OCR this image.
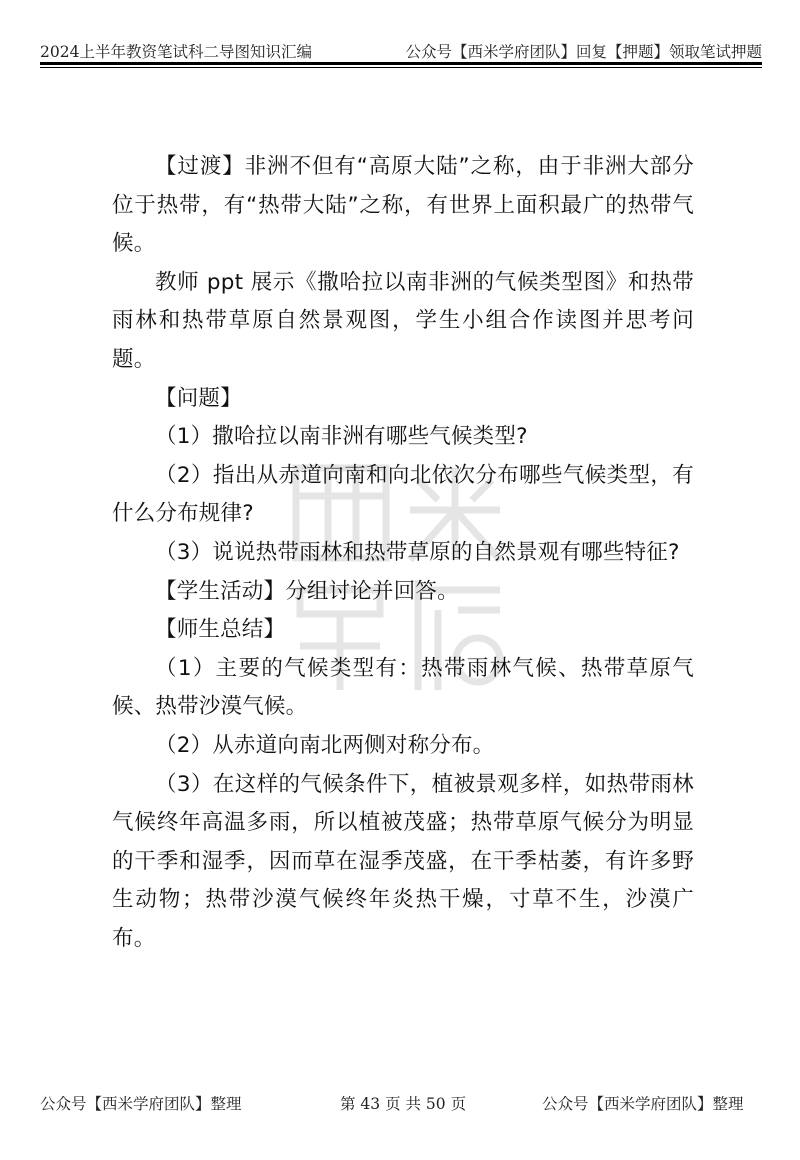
2024上半年教资笔试科二导图知识汇编	公众号【西米学府团队】回复【押题】领取笔试押题

【过渡】非洲不但有“高原大陆”之称，由于非洲大部分位于热带，有“热带大陆”之称，有世界上面积最广的热带气候。

教师 ppt 展示《撒哈拉以南非洲的气候类型图》和热带雨林和热带草原自然景观图，学生小组合作读图并思考问题。

【问题】

（1）撒哈拉以南非洲有哪些气候类型?

（2）指出从赤道向南和向北依次分布哪些气候类型，有什么分布规律?

（3）说说热带雨林和热带草原的自然景观有哪些特征?

【学生活动】分组讨论并回答。

【师生总结】

（1）主要的气候类型有：热带雨林气候、热带草原气候、热带沙漠气候。

（2）从赤道向南北两侧对称分布。

（3）在这样的气候条件下，植被景观多样，如热带雨林气候终年高温多雨，所以植被茂盛；热带草原气候分为明显的干季和湿季，因而草在湿季茂盛，在干季枯萎，有许多野生动物；热带沙漠气候终年炎热干燥，寸草不生，沙漠广布。

公众号【西米学府团队】整理	第 43 页 共 50 页	公众号【西米学府团队】整理
